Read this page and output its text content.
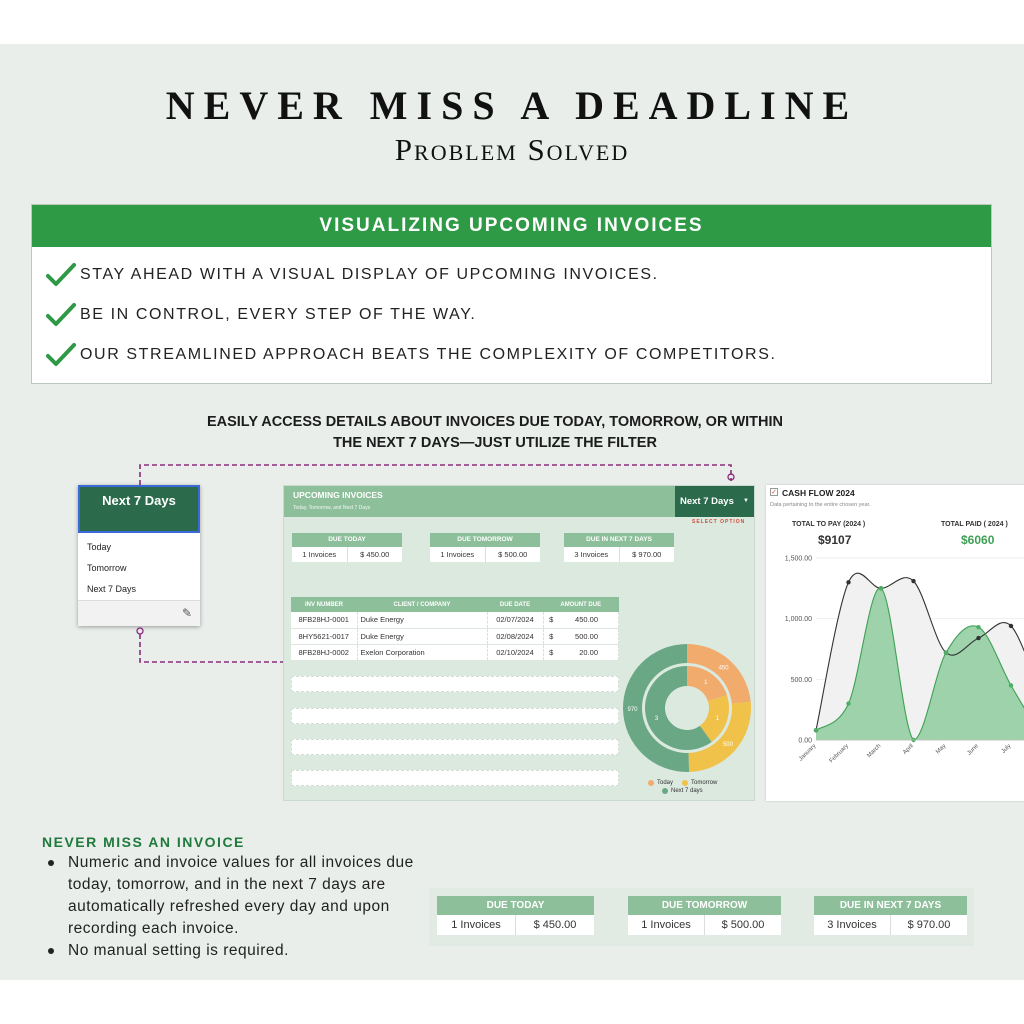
NEVER MISS A DEADLINE
Problem Solved
VISUALIZING UPCOMING INVOICES
STAY AHEAD WITH A VISUAL DISPLAY OF UPCOMING INVOICES.
BE IN CONTROL, EVERY STEP OF THE WAY.
OUR STREAMLINED APPROACH BEATS THE COMPLEXITY OF COMPETITORS.
EASILY ACCESS DETAILS ABOUT INVOICES DUE TODAY, TOMORROW, OR WITHIN
THE NEXT 7 DAYS—JUST UTILIZE THE FILTER
Next 7 Days
Today
Tomorrow
Next 7 Days
✎
UPCOMING INVOICES
Today, Tomorrow, and Next 7 Days
Next 7 Days ▼
SELECT OPTION
DUE TODAY
1 Invoices	$ 450.00
DUE TOMORROW
1 Invoices	$ 500.00
DUE IN NEXT 7 DAYS
3 Invoices	$ 970.00
INV NUMBER	CLIENT / COMPANY	DUE DATE	AMOUNT DUE	
8FB28HJ-0001	Duke Energy	02/07/2024	$	450.00
8HY5621-0017	Duke Energy	02/08/2024	$	500.00
8FB28HJ-0002	Exelon Corporation	02/10/2024	$	20.00
450
500
970
1
1
3
Today	Tomorrow
Next 7 days
✓ CASH FLOW 2024
Data pertaining to the entire chosen year.
TOTAL TO PAY (2024 )
$9107
TOTAL PAID ( 2024 )
$6060
0.00
500.00
1,000.00
1,500.00
January February	March	April	May	June	July
NEVER MISS AN INVOICE
Numeric and invoice values for all invoices due today, tomorrow, and in the next 7 days are automatically refreshed every day and upon recording each invoice.
No manual setting is required.
DUE TODAY
1 Invoices	$ 450.00
DUE TOMORROW
1 Invoices	$ 500.00
DUE IN NEXT 7 DAYS
3 Invoices	$ 970.00
